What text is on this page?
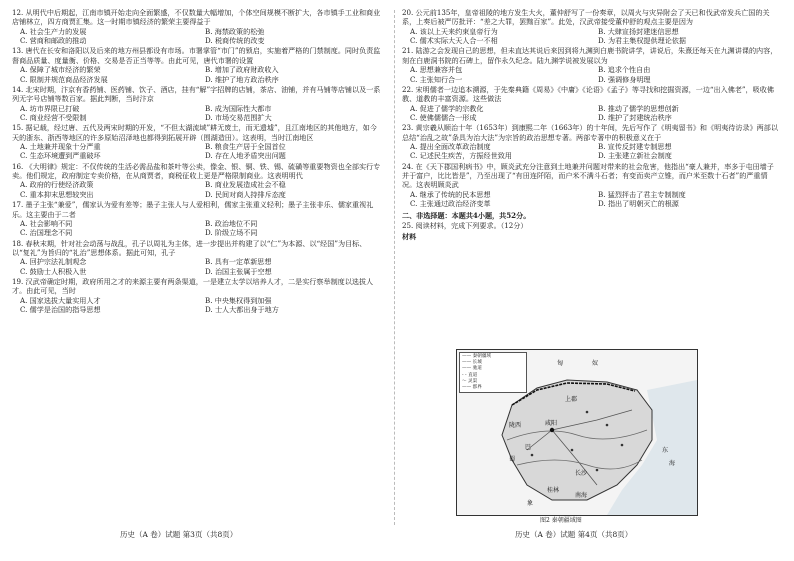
12. 从明代中后期起，江南市镇开始走向全面繁盛，不仅数量大幅增加，个体空间规模不断扩大，各市镇手工业和商业店铺林立，四方商贾汇集。这一时期市镇经济的繁荣主要得益于
A. 社会生产力的发展	B. 海禁政策的松弛
C. 营商和邮政的推动	D. 税商传统的改变
13. 唐代在长安和洛阳以及后来的地方州县都设有市场。市署掌管“市门”的锁启，实施着严格的门禁制度。同时负责监督商品质量、度量衡、价格、交易是否正当等等。由此可见，唐代市署的设置
A. 保障了城市经济的繁荣	B. 增加了政府财政收入
C. 限制并规范商品经济发展	D. 维护了地方政治秩序
14. 北宋时期，汴京有香药铺、医药铺、饮子、酒店，挂有“解”字招牌的店铺，茶店、油铺，并有马铺等店铺以及一系列无字号店铺等数百家。据此判断，当时汴京
A. 坊市界限已打破	B. 成为国际性大都市
C. 商业经营不受限制	D. 市场交易范围扩大
15. 据记载，经过唐、五代及两宋时期的开发，“不但太湖流域”耕无废土，而无遗墟”，且江南地区的其他地方，如今天的浙东、浙西等地区的许多原始沼泽地也都得到拓展开辟（围湖造田）。这表明，当时江南地区
A. 土地兼并现象十分严重	B. 粮食生产居于全国首位
C. 生态环境遭到严重破坏	D. 存在人地矛盾突出问题
16. 《大明律》规定：不仅传统的生活必需品盐和茶叶等公卖，像金、银、铜、铁、锡、硫磺等重要物资也全部实行专卖。他们规定，政府制定专卖价格，在从商贾者，商税征收上更是严格限制商业。这表明明代
A. 政府的行使经济政策	B. 商业发展造成社会不稳
C. 重本抑末思想较突出	D. 民间对商人持排斥态度
17. 墨子主张“兼爱”，儒家认为爱有差等；墨子主张人与人爱相利，儒家主张重义轻利；墨子主张非乐、儒家重视礼乐。这主要由于二者
A. 社会影响不同	B. 政治地位不同
C. 治国理念不同	D. 阶级立场不同
18. 春秋末期，针对社会动荡与战乱，孔子以周礼为主体，进一步提出并构建了以“仁”为本源、以“经国”为目标、以“复礼”为旨归的“礼治”思想体系。据此可知，孔子
A. 回护宗法礼制观念	B. 具有一定革新思想
C. 鼓励士人积极入世	D. 治国主张属于空想
19. 汉武帝确定时期，政府所用之才的来源主要有两条渠道，一是建立太学以培养人才，二是实行察举制度以选拔人才。由此可见，当时
A. 国家选拔大量实用人才	B. 中央集权得到加强
C. 儒学是治国的指导思想	D. 士人大都出身于地方
20. 公元前135年，皇帝祖陵的地方发生大火，董仲舒写了一份奏章，以周火与灾异附会了天已和伐武帝发兵亡国的关系，上奏后被严厉批评：“差之大罪，罢黜百家”。此处，汉武帝接受董仲舒的观点主要是因为
A. 该以上天来约束皇帝行为	B. 大肆宣扬封建迷信思想
C. 儒术实际大天人合一不相	D. 为君主集权提供理论依据
21. 陆游之会发现自己的思想，但未直达其说后来因到将九渊到白鹿书院讲学，讲说后，朱熹还每天在九渊讲课的内容，刻在白鹿洞书院的石碑上，留作永久纪念。陆九渊学说被发展以为
A. 思想兼容并包	B. 追求个性自由
C. 主张知行合一	D. 强调修身明理
22. 宋明儒者一边追本溯源，于先秦典籍《周易》《中庸》《论语》《孟子》等寻找和挖掘资源，一边“出入佛老”，吸收佛教、道教的丰富资源。这些做法
A. 促进了儒学的宗教化	B. 推动了儒学的思想创新
C. 使佛儒儒合一形成	D. 维护了封建统治秩序
23. 黄宗羲从顺治十年（1653年）到康熙二年（1663年）的十年间，先后写作了《明夷留书》和《明夷待访录》两部以总结“治乱之故”条具为治大法”为宗旨的政治思想专著。两部专著中的积极意义在于
A. 提出全面改革政治制度	B. 宣传反封建专制思想
C. 记述民生疾苦，方振经世致用	D. 主张建立新社会制度
24. 在《天下郡国利病书》中，顾炎武充分注意到土地兼并问题对带来的社会危害，他指出“豪人兼并，率多于屯田墙子并于富户，比比皆是”，乃至出现了“有田连阡陌，而户米不满斗石者；有变而卖产立锥，而户米至数十石者”的严重情况。这表明顾炎武
A. 继承了传统的民本思想	B. 猛烈抨击了君主专制制度
C. 主张通过政治经济变革	D. 指出了明朝灭亡的根源
二、非选择题：本题共4小题，共52分。
25. 阅读材料，完成下列要求。（12分）
材料
—— 秦朝疆域
—— 长城
—— 驰道
- - 直道
～ 灵渠
—— 郡界
匈	奴
上郡
咸阳
陇西
巴
蜀
长沙
南海
东
海
桂林
象
图2 秦朝疆域图
历史（A 卷）试题 第3页（共8页）	历史（A 卷）试题 第4页（共8页）
